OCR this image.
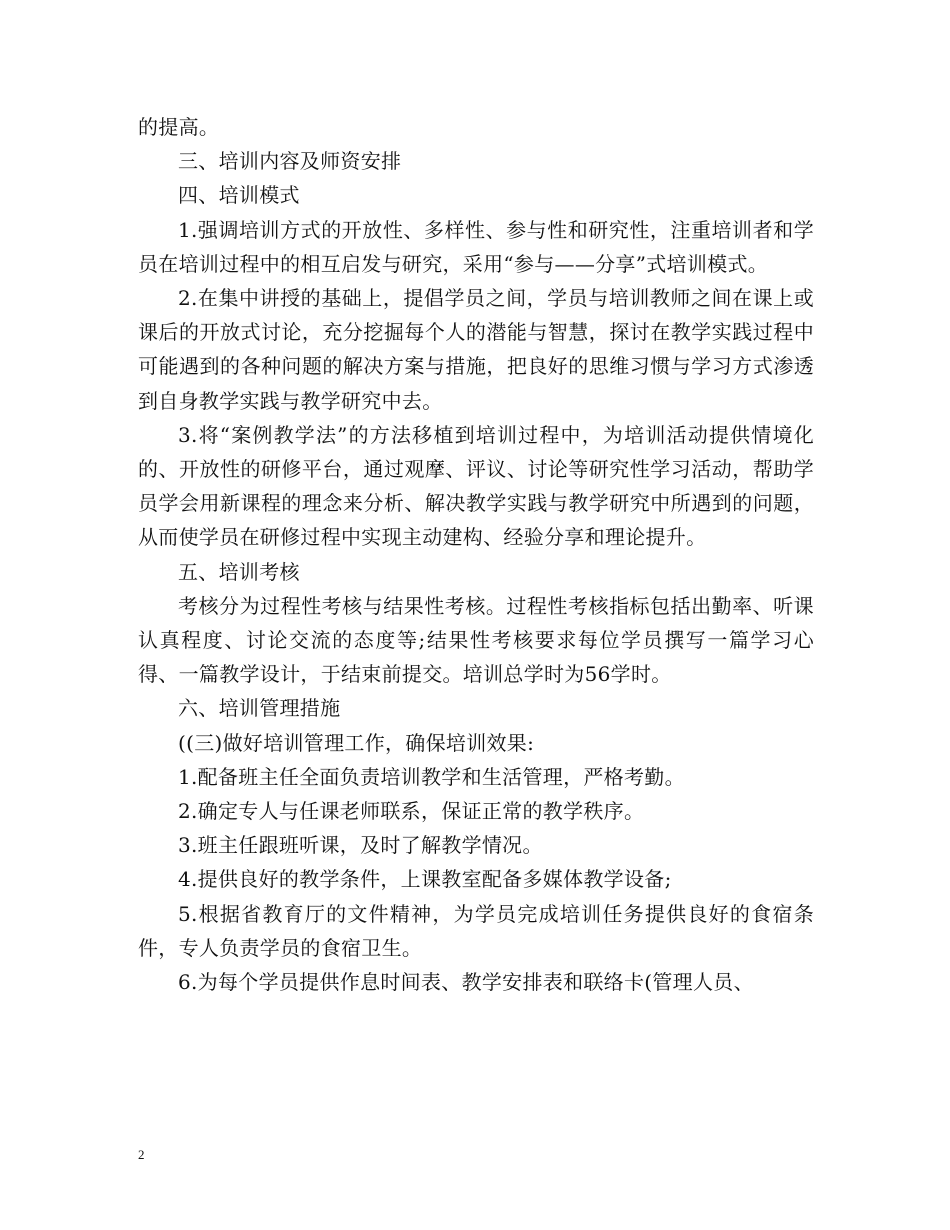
的提高。

三、培训内容及师资安排

四、培训模式

1.强调培训方式的开放性、多样性、参与性和研究性，注重培训者和学员在培训过程中的相互启发与研究，采用“参与——分享”式培训模式。

2.在集中讲授的基础上，提倡学员之间，学员与培训教师之间在课上或课后的开放式讨论，充分挖掘每个人的潜能与智慧，探讨在教学实践过程中可能遇到的各种问题的解决方案与措施，把良好的思维习惯与学习方式渗透到自身教学实践与教学研究中去。

3.将“案例教学法”的方法移植到培训过程中，为培训活动提供情境化的、开放性的研修平台，通过观摩、评议、讨论等研究性学习活动，帮助学员学会用新课程的理念来分析、解决教学实践与教学研究中所遇到的问题，从而使学员在研修过程中实现主动建构、经验分享和理论提升。

五、培训考核

考核分为过程性考核与结果性考核。过程性考核指标包括出勤率、听课认真程度、讨论交流的态度等;结果性考核要求每位学员撰写一篇学习心得、一篇教学设计，于结束前提交。培训总学时为56学时。

六、培训管理措施

((三)做好培训管理工作，确保培训效果:

1.配备班主任全面负责培训教学和生活管理，严格考勤。

2.确定专人与任课老师联系，保证正常的教学秩序。

3.班主任跟班听课，及时了解教学情况。

4.提供良好的教学条件，上课教室配备多媒体教学设备;

5.根据省教育厅的文件精神，为学员完成培训任务提供良好的食宿条件，专人负责学员的食宿卫生。

6.为每个学员提供作息时间表、教学安排表和联络卡(管理人员、

2
